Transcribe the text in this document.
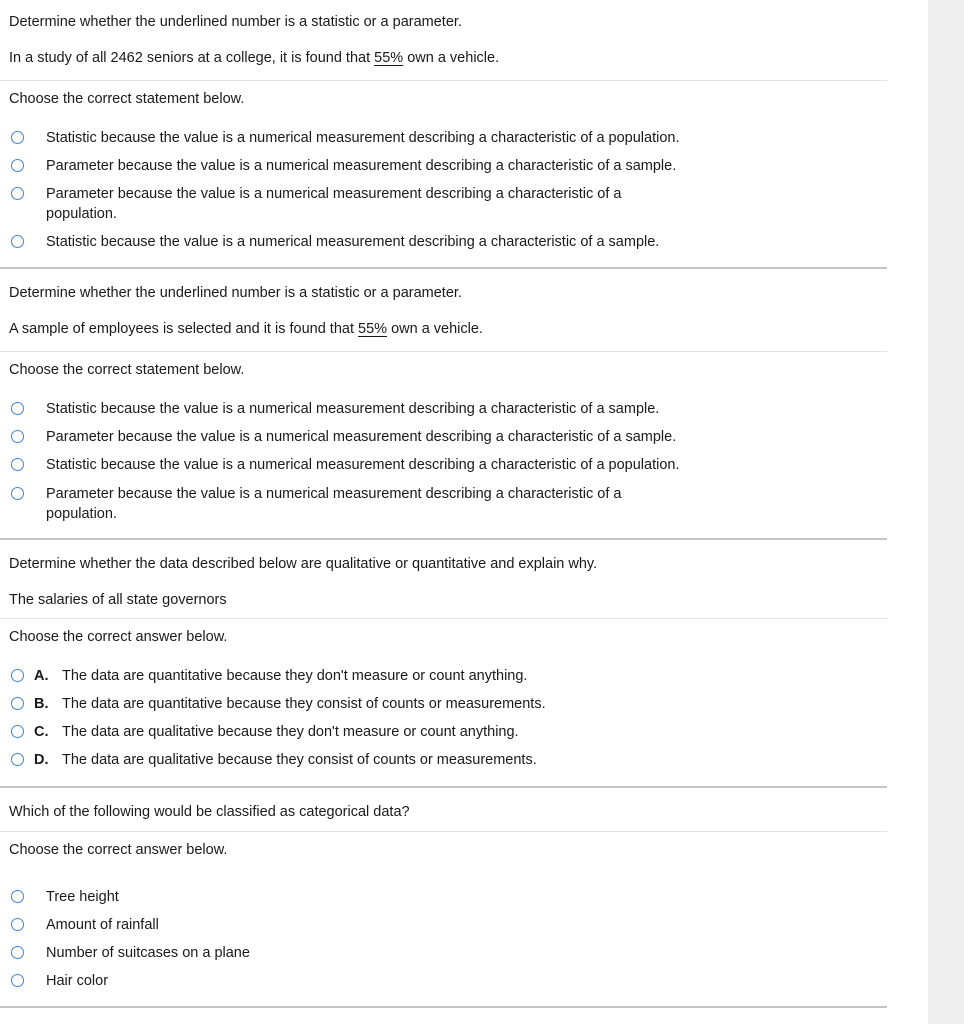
Determine whether the underlined number is a statistic or a parameter.
In a study of all 2462 seniors at a college, it is found that 55% own a vehicle.
Choose the correct statement below.
Statistic because the value is a numerical measurement describing a characteristic of a population.
Parameter because the value is a numerical measurement describing a characteristic of a sample.
Parameter because the value is a numerical measurement describing a characteristic of a population.
Statistic because the value is a numerical measurement describing a characteristic of a sample.
Determine whether the underlined number is a statistic or a parameter.
A sample of employees is selected and it is found that 55% own a vehicle.
Choose the correct statement below.
Statistic because the value is a numerical measurement describing a characteristic of a sample.
Parameter because the value is a numerical measurement describing a characteristic of a sample.
Statistic because the value is a numerical measurement describing a characteristic of a population.
Parameter because the value is a numerical measurement describing a characteristic of a population.
Determine whether the data described below are qualitative or quantitative and explain why.
The salaries of all state governors
Choose the correct answer below.
A. The data are quantitative because they don't measure or count anything.
B. The data are quantitative because they consist of counts or measurements.
C. The data are qualitative because they don't measure or count anything.
D. The data are qualitative because they consist of counts or measurements.
Which of the following would be classified as categorical data?
Choose the correct answer below.
Tree height
Amount of rainfall
Number of suitcases on a plane
Hair color
